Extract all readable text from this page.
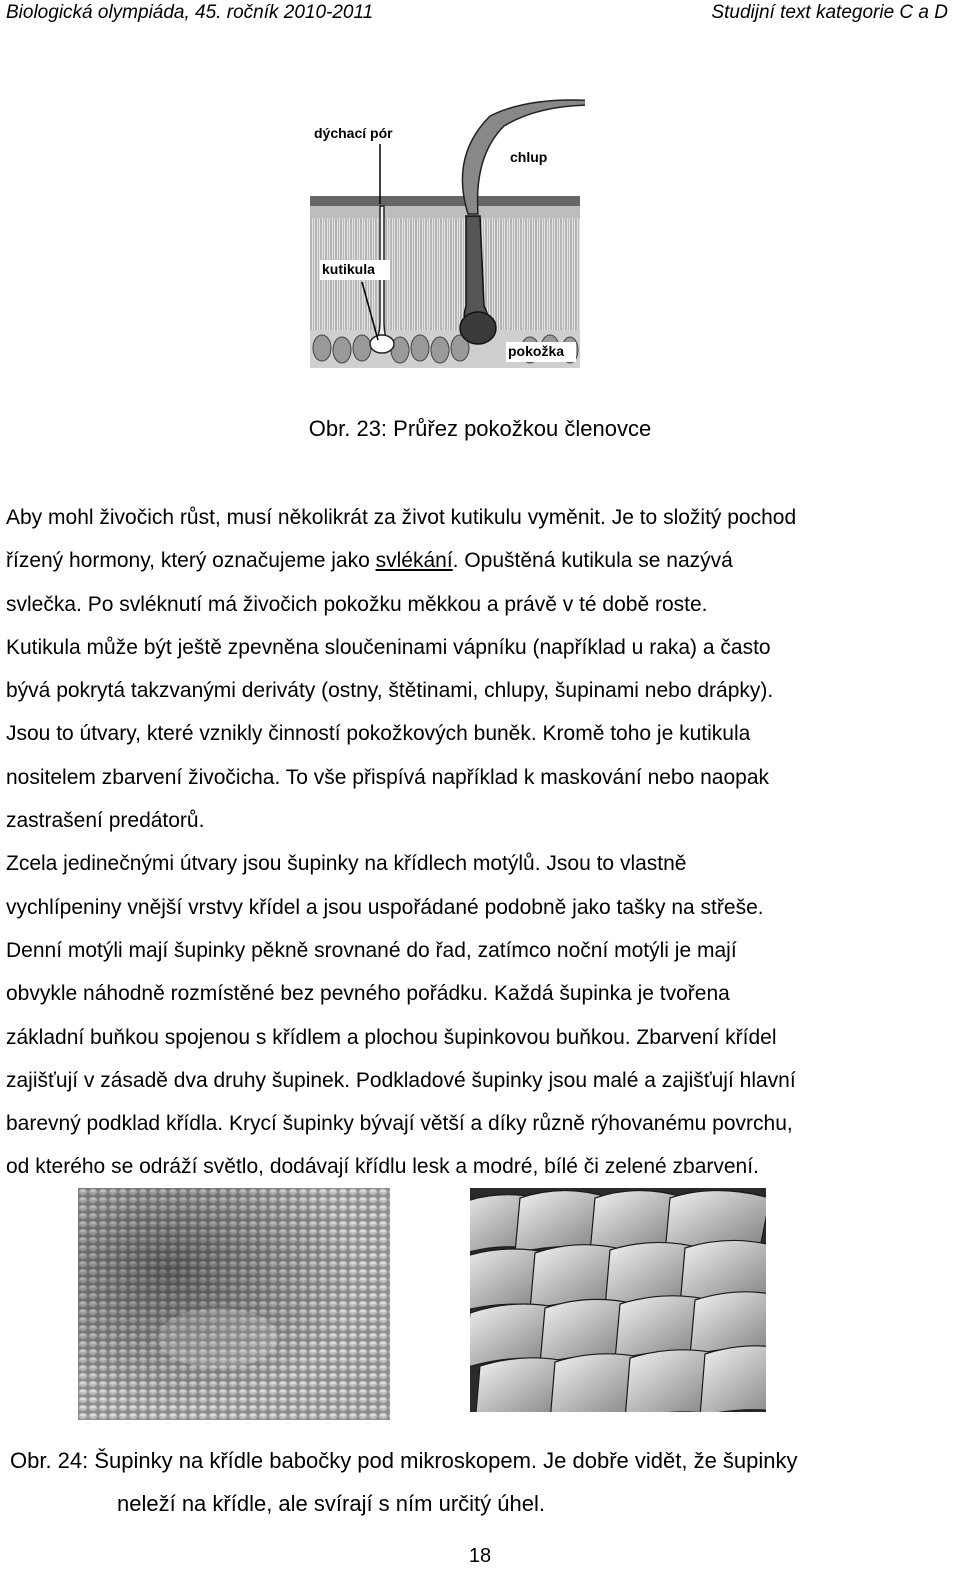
Biologická olympiáda, 45. ročník 2010-2011	Studijní text kategorie C a D
dýchací pór
chlup
kutikula
pokožka
Obr. 23: Průřez pokožkou členovce

Aby mohl živočich růst, musí několikrát za život kutikulu vyměnit. Je to složitý pochod

řízený hormony, který označujeme jako svlékání. Opuštěná kutikula se nazývá

svlečka. Po svléknutí má živočich pokožku měkkou a právě v té době roste.

Kutikula může být ještě zpevněna sloučeninami vápníku (například u raka) a často

bývá pokrytá takzvanými deriváty (ostny, štětinami, chlupy, šupinami nebo drápky).

Jsou to útvary, které vznikly činností pokožkových buněk. Kromě toho je kutikula

nositelem zbarvení živočicha. To vše přispívá například k maskování nebo naopak

zastrašení predátorů.

Zcela jedinečnými útvary jsou šupinky na křídlech motýlů. Jsou to vlastně

vychlípeniny vnější vrstvy křídel a jsou uspořádané podobně jako tašky na střeše.

Denní motýli mají šupinky pěkně srovnané do řad, zatímco noční motýli je mají

obvykle náhodně rozmístěné bez pevného pořádku. Každá šupinka je tvořena

základní buňkou spojenou s křídlem a plochou šupinkovou buňkou. Zbarvení křídel

zajišťují v zásadě dva druhy šupinek. Podkladové šupinky jsou malé a zajišťují hlavní

barevný podklad křídla. Krycí šupinky bývají větší a díky různě rýhovanému povrchu,

od kterého se odráží světlo, dodávají křídlu lesk a modré, bílé či zelené zbarvení.

Obr. 24: Šupinky na křídle babočky pod mikroskopem. Je dobře vidět, že šupinky
neleží na křídle, ale svírají s ním určitý úhel.
18
